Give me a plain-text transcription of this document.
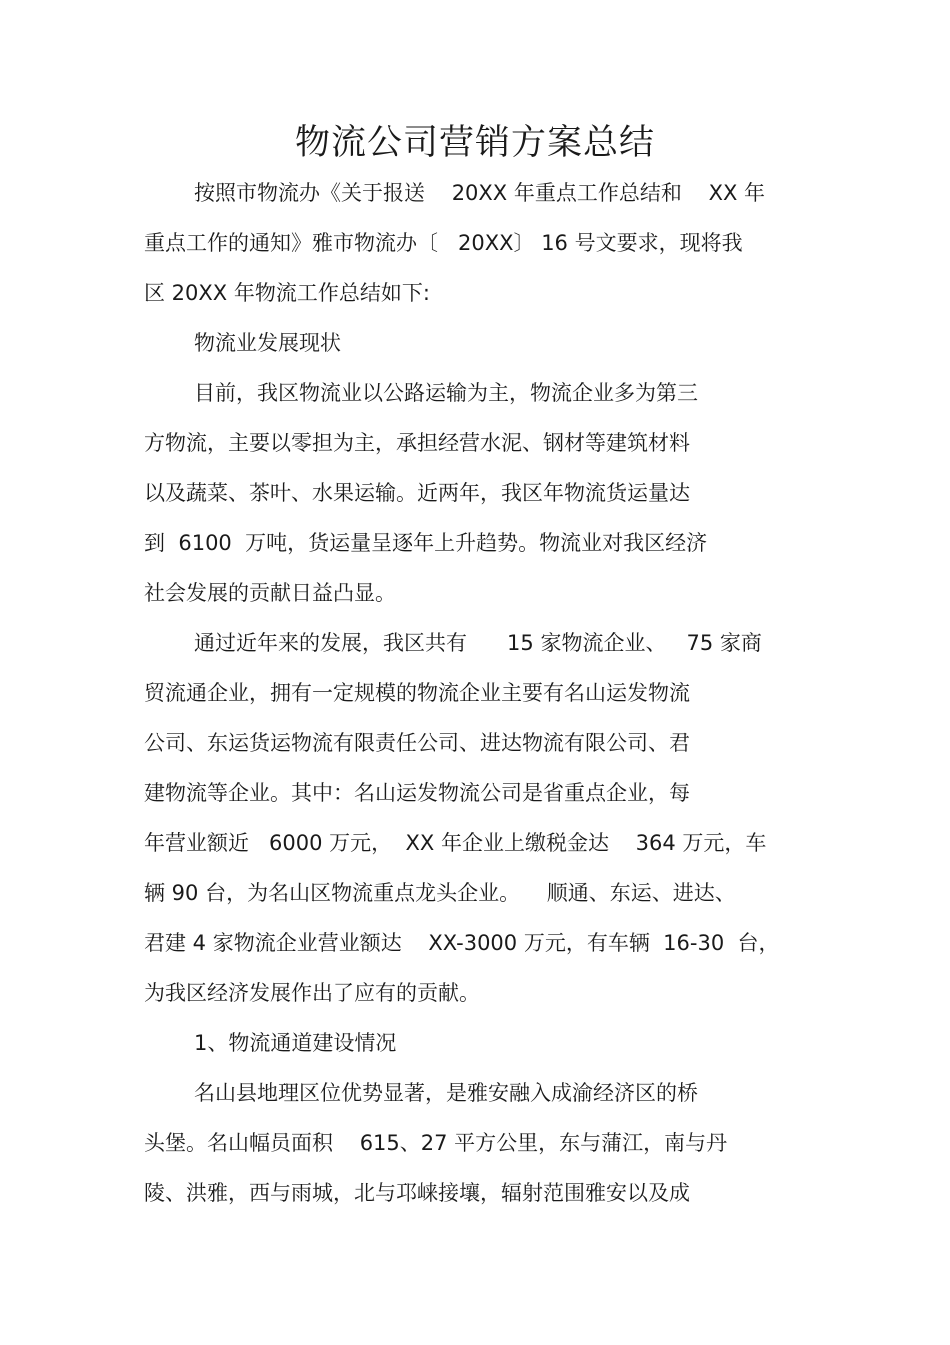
物流公司营销方案总结

按照市物流办《关于报送    20XX 年重点工作总结和    XX 年

重点工作的通知》雅市物流办〔   20XX〕 16 号文要求，现将我

区 20XX 年物流工作总结如下:

物流业发展现状

目前，我区物流业以公路运输为主，物流企业多为第三

方物流，主要以零担为主，承担经营水泥、钢材等建筑材料

以及蔬菜、茶叶、水果运输。近两年，我区年物流货运量达

到  6100  万吨，货运量呈逐年上升趋势。物流业对我区经济

社会发展的贡献日益凸显。

通过近年来的发展，我区共有      15 家物流企业、   75 家商

贸流通企业，拥有一定规模的物流企业主要有名山运发物流

公司、东运货运物流有限责任公司、进达物流有限公司、君

建物流等企业。其中：名山运发物流公司是省重点企业，每

年营业额近   6000 万元，  XX 年企业上缴税金达    364 万元，车

辆 90 台，为名山区物流重点龙头企业。    顺通、东运、进达、

君建 4 家物流企业营业额达    XX-3000 万元，有车辆  16-30  台，

为我区经济发展作出了应有的贡献。

1、物流通道建设情况

名山县地理区位优势显著，是雅安融入成渝经济区的桥

头堡。名山幅员面积    615、27 平方公里，东与蒲江，南与丹

陵、洪雅，西与雨城，北与邛崃接壤，辐射范围雅安以及成
